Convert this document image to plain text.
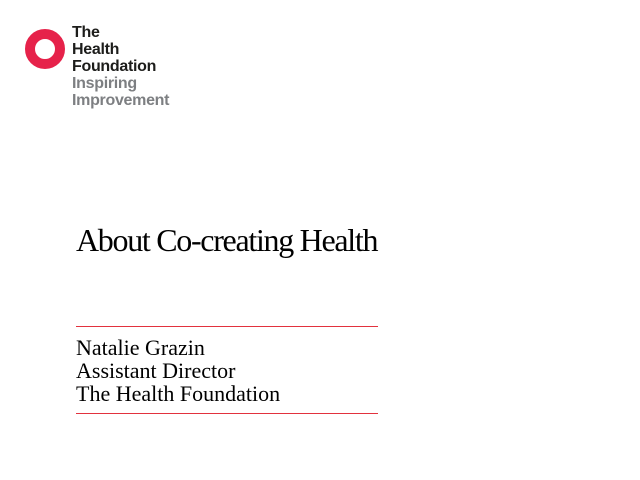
The
Health
Foundation
Inspiring
Improvement
About Co-creating Health
Natalie Grazin
Assistant Director
The Health Foundation
